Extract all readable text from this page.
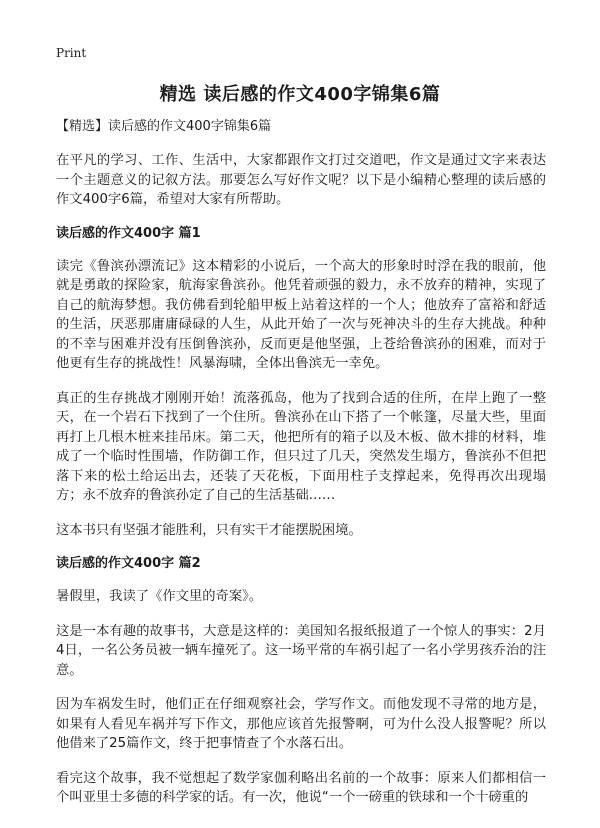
Print
精选 读后感的作文400字锦集6篇

【精选】读后感的作文400字锦集6篇

在平凡的学习、工作、生活中，大家都跟作文打过交道吧，作文是通过文字来表达一个主题意义的记叙方法。那要怎么写好作文呢？以下是小编精心整理的读后感的作文400字6篇，希望对大家有所帮助。

读后感的作文400字 篇1

读完《鲁滨孙漂流记》这本精彩的小说后，一个高大的形象时时浮在我的眼前，他就是勇敢的探险家，航海家鲁滨孙。他凭着顽强的毅力，永不放弃的精神，实现了自己的航海梦想。我仿佛看到轮船甲板上站着这样的一个人；他放弃了富裕和舒适的生活，厌恶那庸庸碌碌的人生，从此开始了一次与死神决斗的生存大挑战。种种的不幸与困难并没有压倒鲁滨孙，反而更是他坚强，上苍给鲁滨孙的困难，而对于他更有生存的挑战性！风暴海啸，全体出鲁滨无一幸免。

真正的生存挑战才刚刚开始！流落孤岛，他为了找到合适的住所，在岸上跑了一整天，在一个岩石下找到了一个住所。鲁滨孙在山下搭了一个帐篷，尽量大些，里面再打上几根木桩来挂吊床。第二天，他把所有的箱子以及木板、做木排的材料，堆成了一个临时性围墙，作防御工作，但只过了几天，突然发生塌方，鲁滨孙不但把落下来的松土给运出去，还装了天花板，下面用柱子支撑起来，免得再次出现塌方；永不放弃的鲁滨孙定了自己的生活基础……

这本书只有坚强才能胜利，只有实干才能摆脱困境。

读后感的作文400字 篇2

暑假里，我读了《作文里的奇案》。

这是一本有趣的故事书，大意是这样的：美国知名报纸报道了一个惊人的事实：2月4日，一名公务员被一辆车撞死了。这一场平常的车祸引起了一名小学男孩乔治的注意。

因为车祸发生时，他们正在仔细观察社会，学写作文。而他发现不寻常的地方是，如果有人看见车祸并写下作文，那他应该首先报警啊，可为什么没人报警呢？所以他借来了25篇作文，终于把事情查了个水落石出。

看完这个故事，我不觉想起了数学家伽利略出名前的一个故事：原来人们都相信一个叫亚里士多德的科学家的话。有一次，他说“一个一磅重的铁球和一个十磅重的
